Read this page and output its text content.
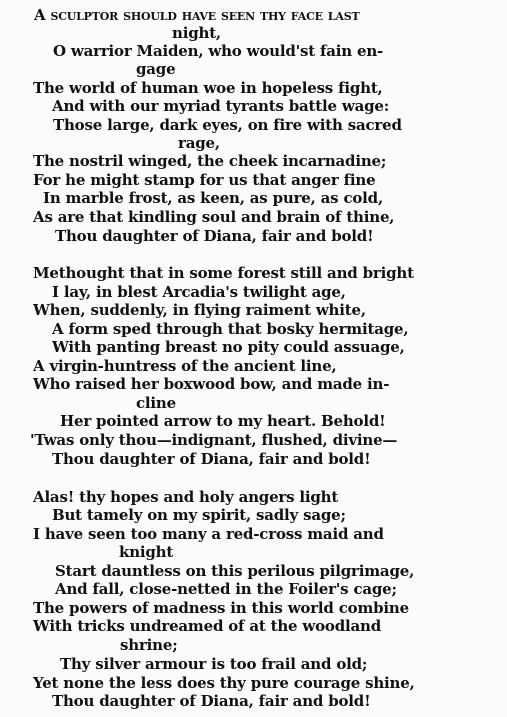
A sculptor should have seen thy face last
night,
O warrior Maiden, who would'st fain en-
gage
The world of human woe in hopeless fight,
And with our myriad tyrants battle wage:
Those large, dark eyes, on fire with sacred
rage,
The nostril winged, the cheek incarnadine;
For he might stamp for us that anger fine
In marble frost, as keen, as pure, as cold,
As are that kindling soul and brain of thine,
Thou daughter of Diana, fair and bold!
Methought that in some forest still and bright
I lay, in blest Arcadia's twilight age,
When, suddenly, in flying raiment white,
A form sped through that bosky hermitage,
With panting breast no pity could assuage,
A virgin-huntress of the ancient line,
Who raised her boxwood bow, and made in-
cline
Her pointed arrow to my heart. Behold!
'Twas only thou—indignant, flushed, divine—
Thou daughter of Diana, fair and bold!
Alas! thy hopes and holy angers light
But tamely on my spirit, sadly sage;
I have seen too many a red-cross maid and
knight
Start dauntless on this perilous pilgrimage,
And fall, close-netted in the Foiler's cage;
The powers of madness in this world combine
With tricks undreamed of at the woodland
shrine;
Thy silver armour is too frail and old;
Yet none the less does thy pure courage shine,
Thou daughter of Diana, fair and bold!
